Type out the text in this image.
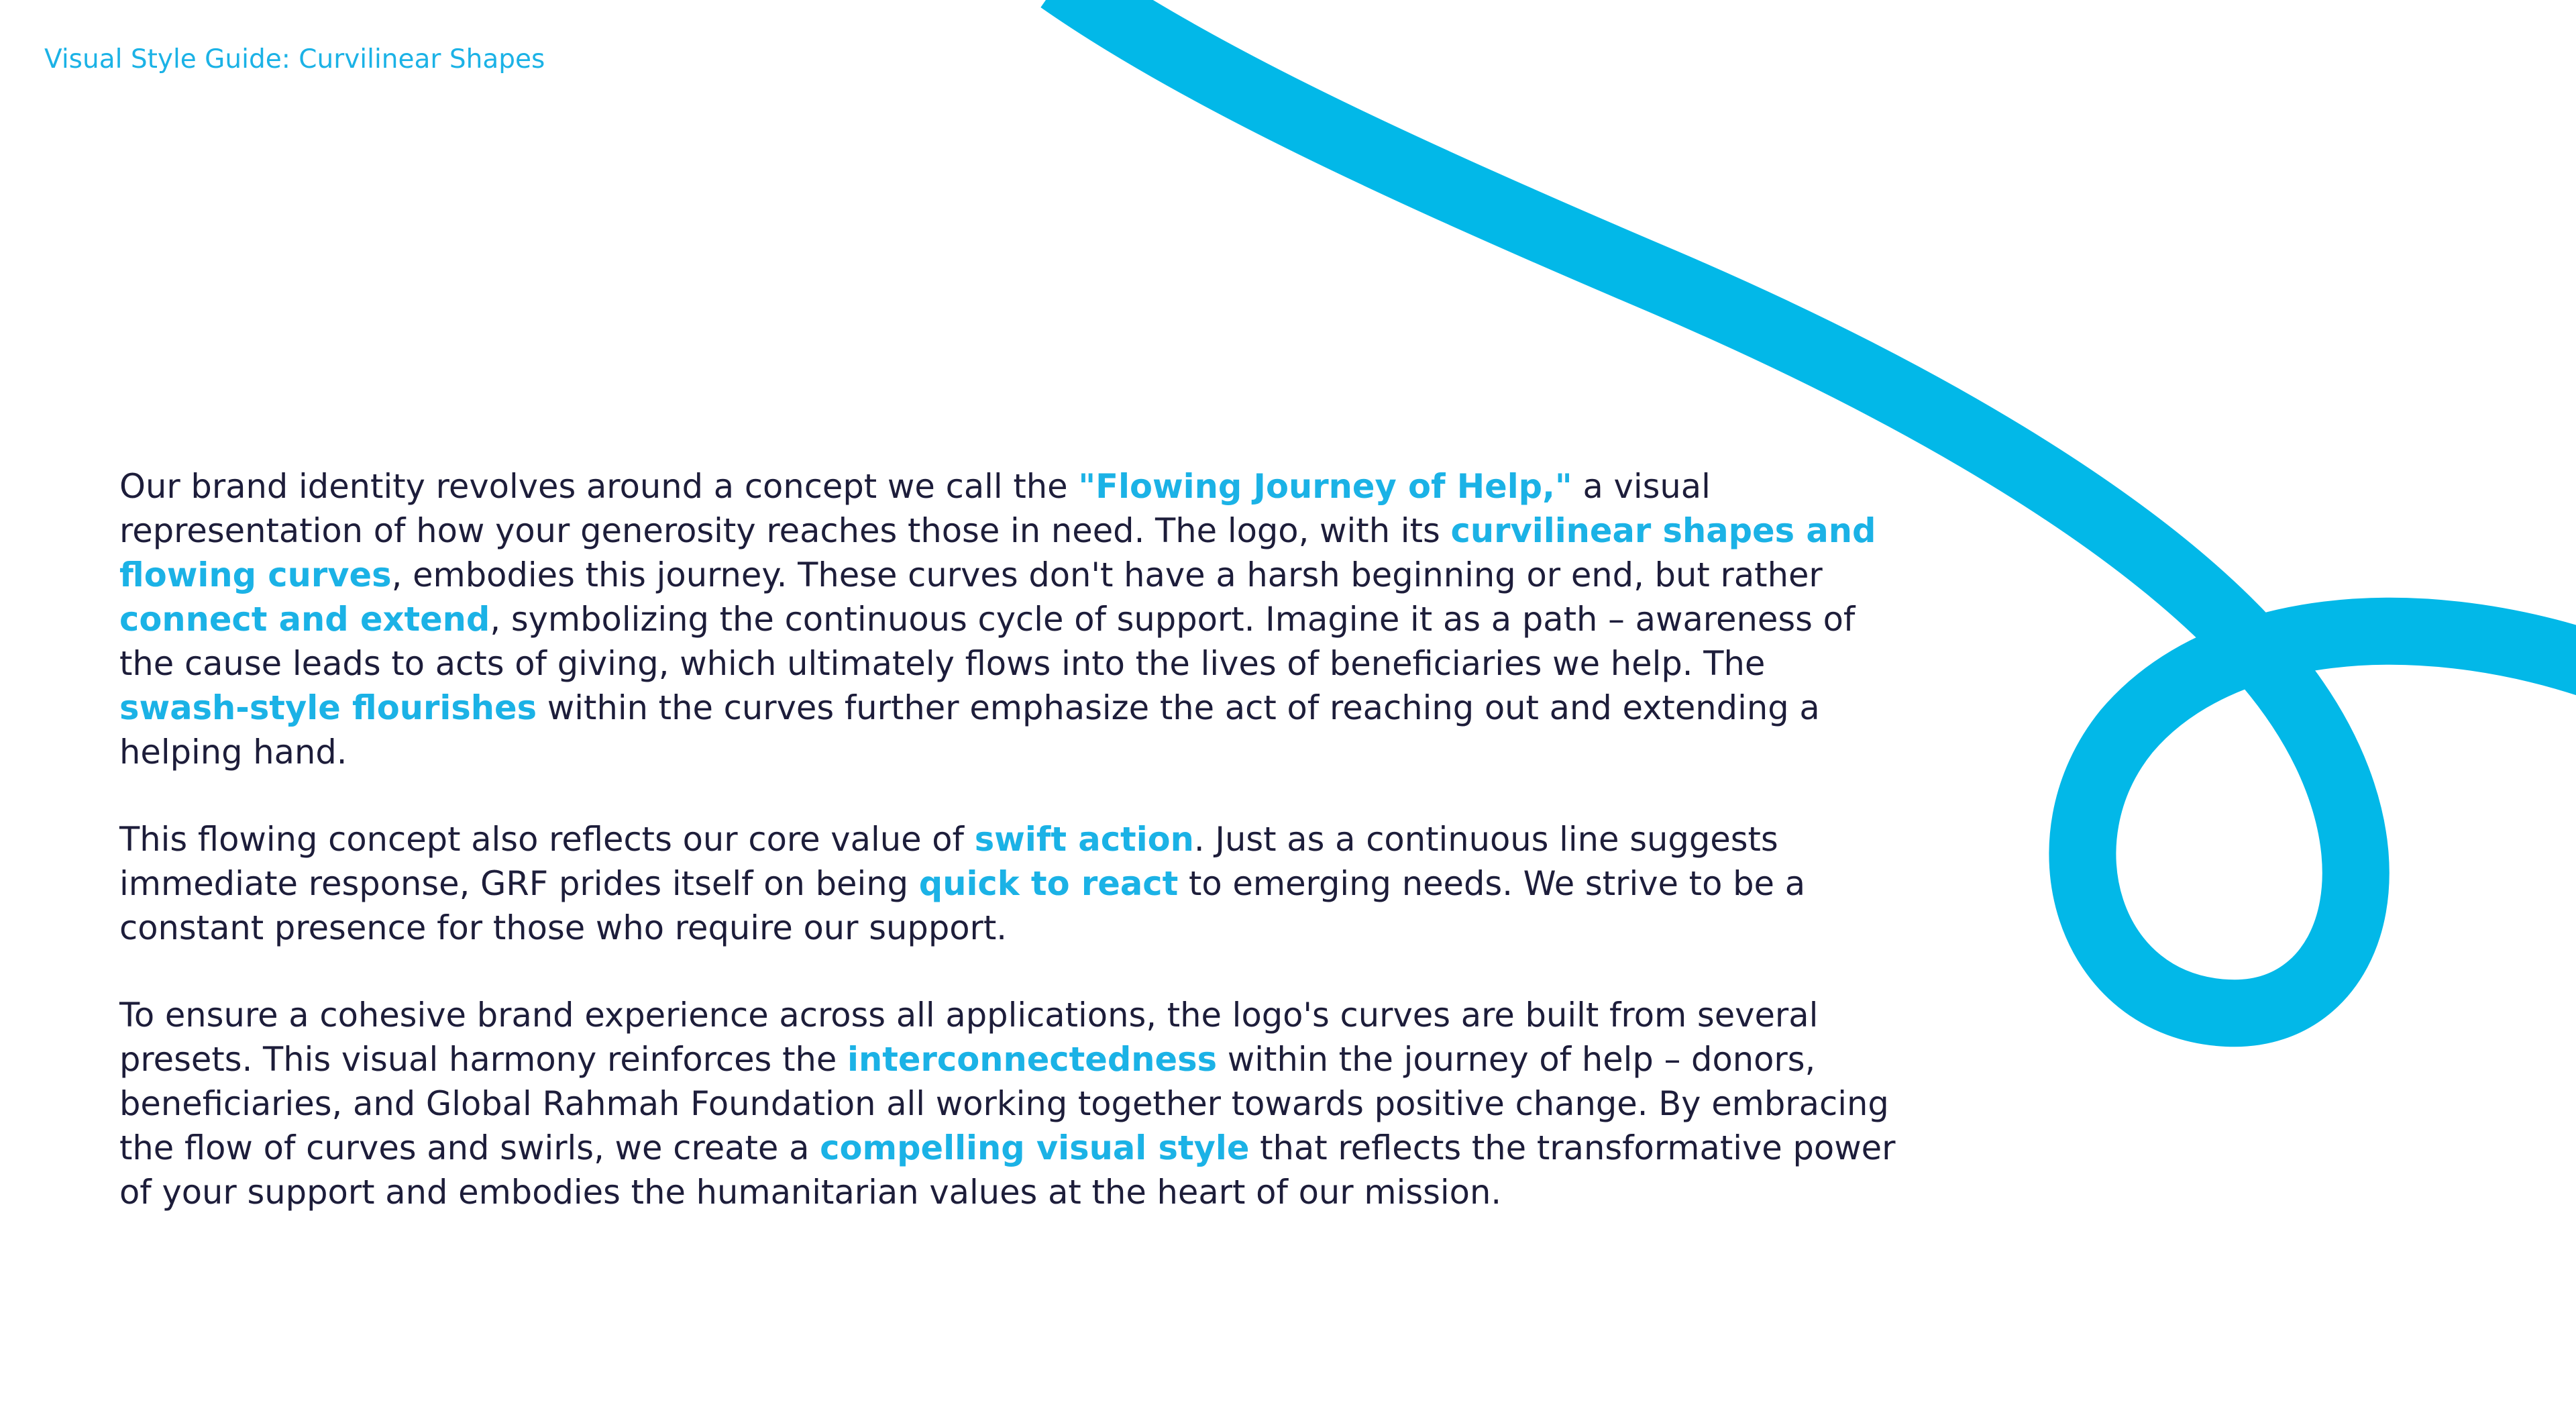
Visual Style Guide: Curvilinear Shapes

Our brand identity revolves around a concept we call the "Flowing Journey of Help," a visual representation of how your generosity reaches those in need. The logo, with its curvilinear shapes and flowing curves, embodies this journey. These curves don't have a harsh beginning or end, but rather connect and extend, symbolizing the continuous cycle of support. Imagine it as a path – awareness of the cause leads to acts of giving, which ultimately flows into the lives of beneficiaries we help. The swash-style flourishes within the curves further emphasize the act of reaching out and extending a helping hand.

This flowing concept also reflects our core value of swift action. Just as a continuous line suggests immediate response, GRF prides itself on being quick to react to emerging needs. We strive to be a constant presence for those who require our support.

To ensure a cohesive brand experience across all applications, the logo's curves are built from several presets. This visual harmony reinforces the interconnectedness within the journey of help – donors, beneficiaries, and Global Rahmah Foundation all working together towards positive change. By embracing the flow of curves and swirls, we create a compelling visual style that reflects the transformative power of your support and embodies the humanitarian values at the heart of our mission.
